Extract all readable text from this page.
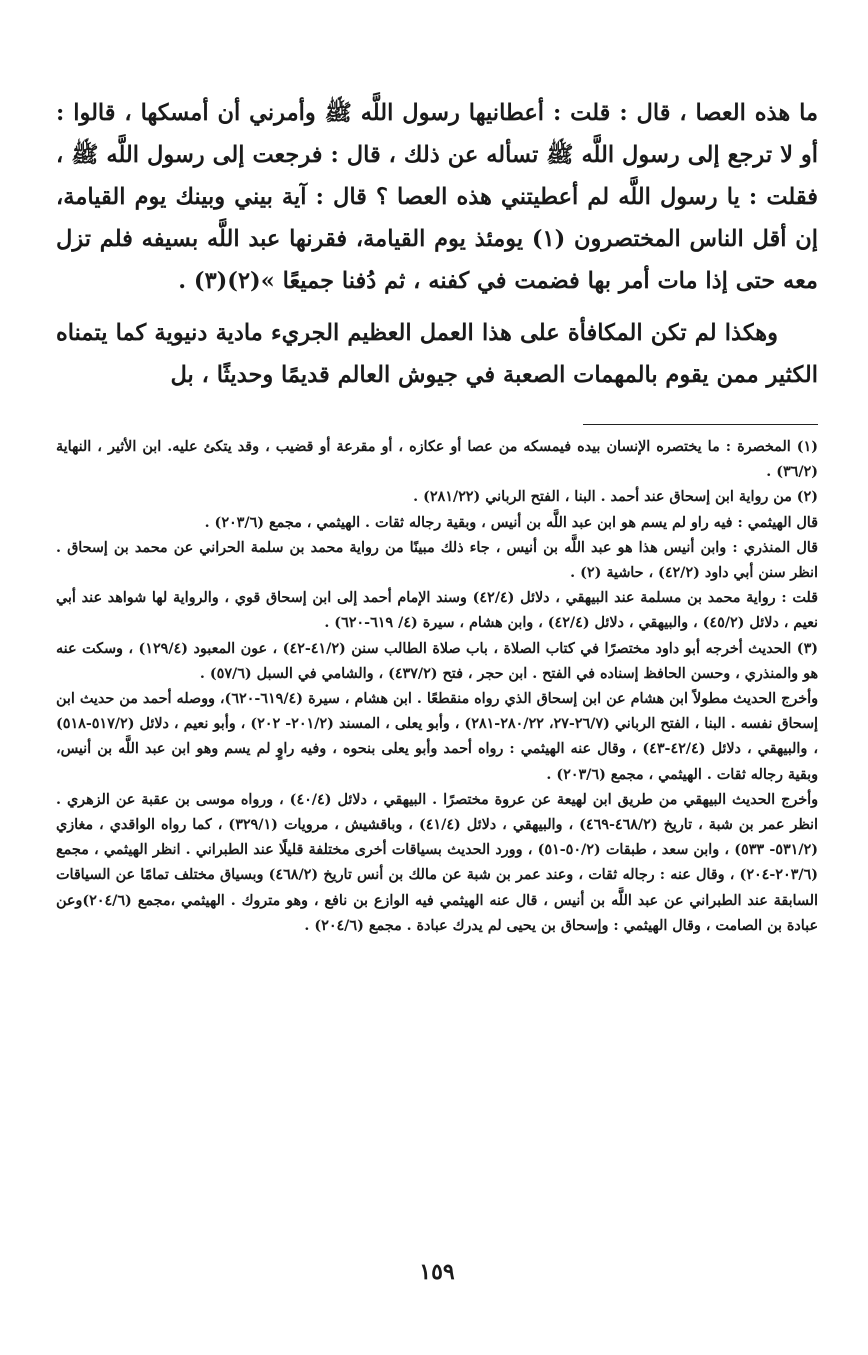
ما هذه العصا ، قال : قلت : أعطانيها رسول اللَّه ﷺ وأمرني أن أمسكها ، قالوا : أو لا ترجع إلى رسول اللَّه ﷺ تسأله عن ذلك ، قال : فرجعت إلى رسول اللَّه ﷺ ، فقلت : يا رسول اللَّه لم أعطيتني هذه العصا ؟ قال : آية بيني وبينك يوم القيامة، إن أقل الناس المختصرون (١) يومئذ يوم القيامة، فقرنها عبد اللَّه بسيفه فلم تزل معه حتى إذا مات أمر بها فضمت في كفنه ، ثم دُفنا جميعًا »(٢)(٣) .

وهكذا لم تكن المكافأة على هذا العمل العظيم الجريء مادية دنيوية كما يتمناه الكثير ممن يقوم بالمهمات الصعبة في جيوش العالم قديمًا وحديثًا ، بل

(١) المخصرة : ما يختصره الإنسان بيده فيمسكه من عصا أو عكازه ، أو مقرعة أو قضيب ، وقد يتكئ عليه. ابن الأثير ، النهاية (٣٦/٢) .

(٢) من رواية ابن إسحاق عند أحمد . البنا ، الفتح الرباني (٢٨١/٢٢) .

قال الهيثمي : فيه راو لم يسم هو ابن عبد اللَّه بن أنيس ، وبقية رجاله ثقات . الهيثمي ، مجمع (٢٠٣/٦) .

قال المنذري : وابن أنيس هذا هو عبد اللَّه بن أنيس ، جاء ذلك مبينًا من رواية محمد بن سلمة الحراني عن محمد بن إسحاق . انظر سنن أبي داود (٤٢/٢) ، حاشية (٢) .

قلت : رواية محمد بن مسلمة عند البيهقي ، دلائل (٤٢/٤) وسند الإمام أحمد إلى ابن إسحاق قوي ، والرواية لها شواهد عند أبي نعيم ، دلائل (٤٥/٢) ، والبيهقي ، دلائل (٤٢/٤) ، وابن هشام ، سيرة (٤/ ٦١٩-٦٢٠) .

(٣) الحديث أخرجه أبو داود مختصرًا في كتاب الصلاة ، باب صلاة الطالب سنن (٤١/٢-٤٢) ، عون المعبود (١٢٩/٤) ، وسكت عنه هو والمنذري ، وحسن الحافظ إسناده في الفتح . ابن حجر ، فتح (٤٣٧/٢) ، والشامي في السبل (٥٧/٦) .

وأخرج الحديث مطولاً ابن هشام عن ابن إسحاق الذي رواه منقطعًا . ابن هشام ، سيرة (٦١٩/٤-٦٢٠)، ووصله أحمد من حديث ابن إسحاق نفسه . البنا ، الفتح الرباني (٢٦/٧-٢٧، ٢٨٠/٢٢-٢٨١) ، وأبو يعلى ، المسند (٢٠١/٢- ٢٠٢) ، وأبو نعيم ، دلائل (٥١٧/٢-٥١٨) ، والبيهقي ، دلائل (٤٢/٤-٤٣) ، وقال عنه الهيثمي : رواه أحمد وأبو يعلى بنحوه ، وفيه راوٍ لم يسم وهو ابن عبد اللَّه بن أنيس، وبقية رجاله ثقات . الهيثمي ، مجمع (٢٠٣/٦) .

وأخرج الحديث البيهقي من طريق ابن لهيعة عن عروة مختصرًا . البيهقي ، دلائل (٤٠/٤) ، ورواه موسى بن عقبة عن الزهري . انظر عمر بن شبة ، تاريخ (٤٦٨/٢-٤٦٩) ، والبيهقي ، دلائل (٤١/٤) ، وباقشيش ، مرويات (٣٢٩/١) ، كما رواه الواقدي ، مغازي (٥٣١/٢- ٥٣٣) ، وابن سعد ، طبقات (٥٠/٢-٥١) ، وورد الحديث بسياقات أخرى مختلفة قليلًا عند الطبراني . انظر الهيثمي ، مجمع (٢٠٣/٦-٢٠٤) ، وقال عنه : رجاله ثقات ، وعند عمر بن شبة عن مالك بن أنس تاريخ (٤٦٨/٢) وبسياق مختلف تمامًا عن السياقات السابقة عند الطبراني عن عبد اللَّه بن أنيس ، قال عنه الهيثمي فيه الوازع بن نافع ، وهو متروك . الهيثمي ،مجمع (٢٠٤/٦)وعن عبادة بن الصامت ، وقال الهيثمي : وإسحاق بن يحيى لم يدرك عبادة . مجمع (٢٠٤/٦) .

١٥٩
